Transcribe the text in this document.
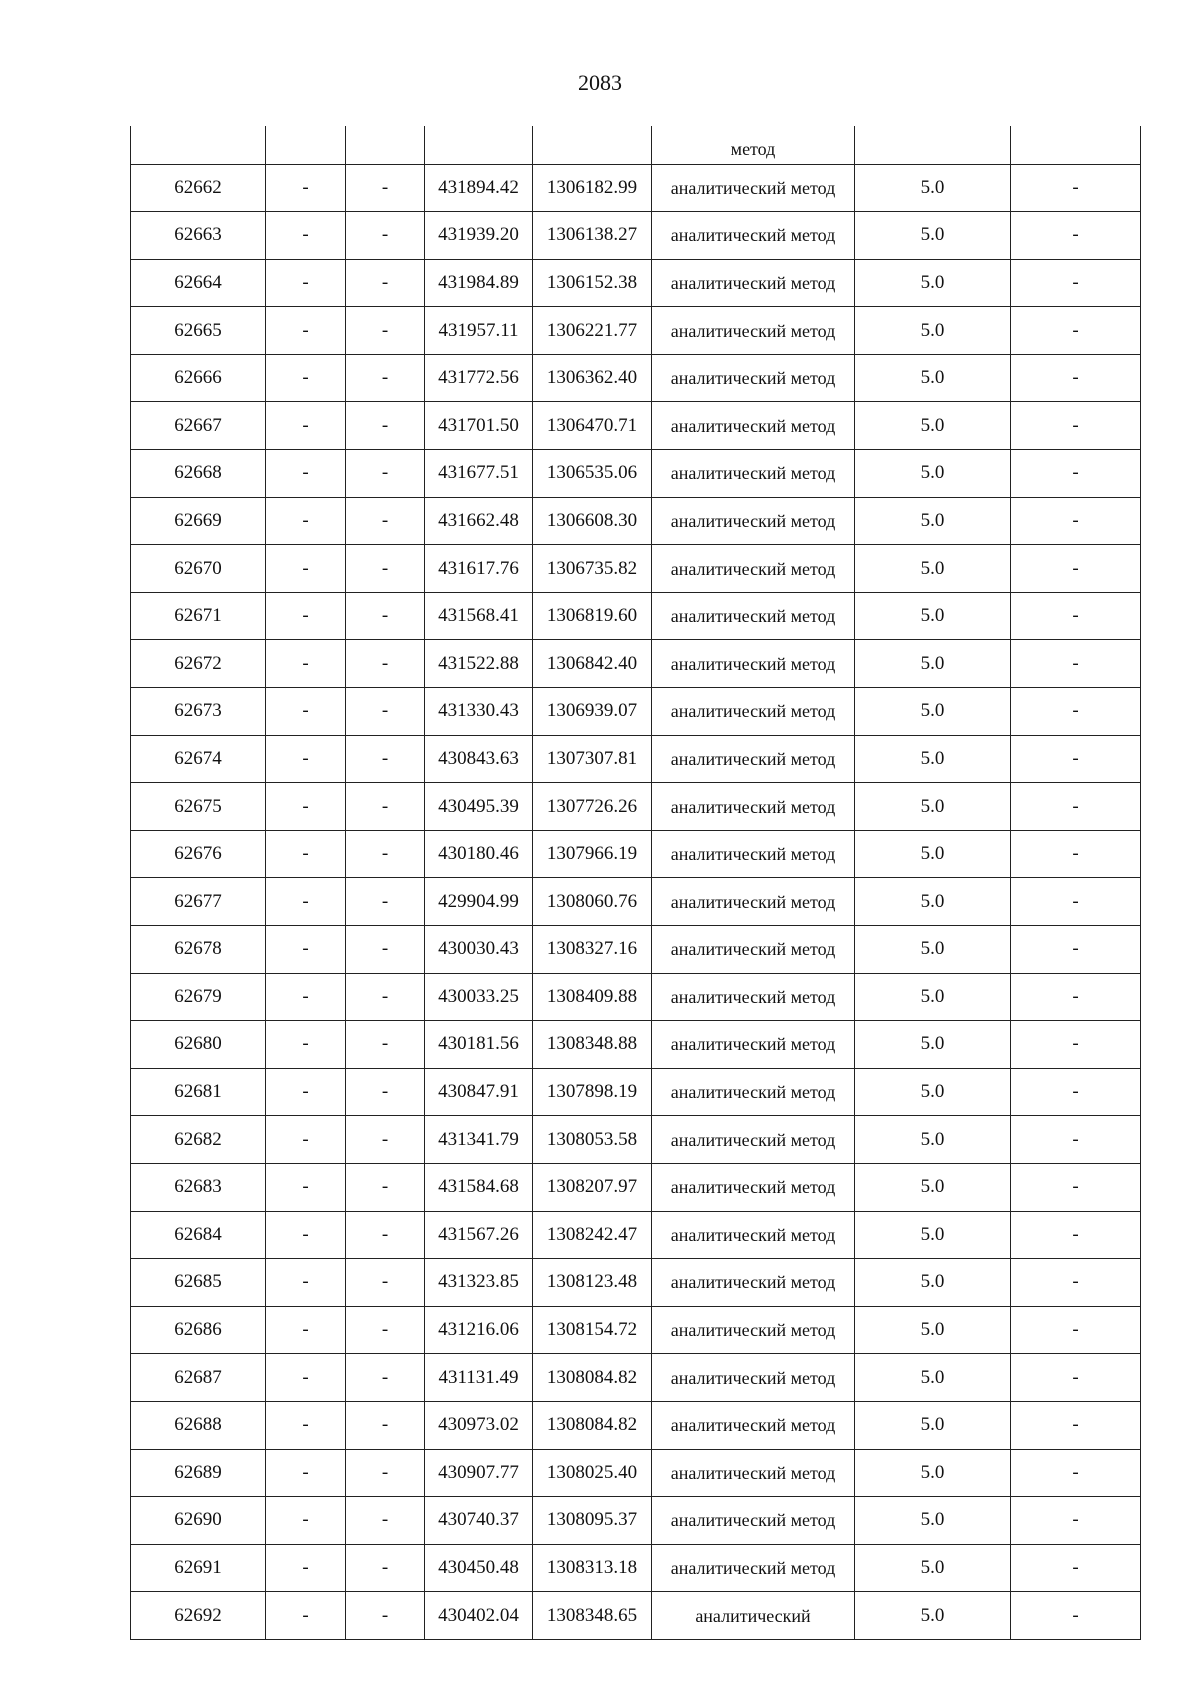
2083
					метод		
62662	-	-	431894.42	1306182.99	аналитический метод	5.0	-
62663	-	-	431939.20	1306138.27	аналитический метод	5.0	-
62664	-	-	431984.89	1306152.38	аналитический метод	5.0	-
62665	-	-	431957.11	1306221.77	аналитический метод	5.0	-
62666	-	-	431772.56	1306362.40	аналитический метод	5.0	-
62667	-	-	431701.50	1306470.71	аналитический метод	5.0	-
62668	-	-	431677.51	1306535.06	аналитический метод	5.0	-
62669	-	-	431662.48	1306608.30	аналитический метод	5.0	-
62670	-	-	431617.76	1306735.82	аналитический метод	5.0	-
62671	-	-	431568.41	1306819.60	аналитический метод	5.0	-
62672	-	-	431522.88	1306842.40	аналитический метод	5.0	-
62673	-	-	431330.43	1306939.07	аналитический метод	5.0	-
62674	-	-	430843.63	1307307.81	аналитический метод	5.0	-
62675	-	-	430495.39	1307726.26	аналитический метод	5.0	-
62676	-	-	430180.46	1307966.19	аналитический метод	5.0	-
62677	-	-	429904.99	1308060.76	аналитический метод	5.0	-
62678	-	-	430030.43	1308327.16	аналитический метод	5.0	-
62679	-	-	430033.25	1308409.88	аналитический метод	5.0	-
62680	-	-	430181.56	1308348.88	аналитический метод	5.0	-
62681	-	-	430847.91	1307898.19	аналитический метод	5.0	-
62682	-	-	431341.79	1308053.58	аналитический метод	5.0	-
62683	-	-	431584.68	1308207.97	аналитический метод	5.0	-
62684	-	-	431567.26	1308242.47	аналитический метод	5.0	-
62685	-	-	431323.85	1308123.48	аналитический метод	5.0	-
62686	-	-	431216.06	1308154.72	аналитический метод	5.0	-
62687	-	-	431131.49	1308084.82	аналитический метод	5.0	-
62688	-	-	430973.02	1308084.82	аналитический метод	5.0	-
62689	-	-	430907.77	1308025.40	аналитический метод	5.0	-
62690	-	-	430740.37	1308095.37	аналитический метод	5.0	-
62691	-	-	430450.48	1308313.18	аналитический метод	5.0	-
62692	-	-	430402.04	1308348.65	аналитический	5.0	-
